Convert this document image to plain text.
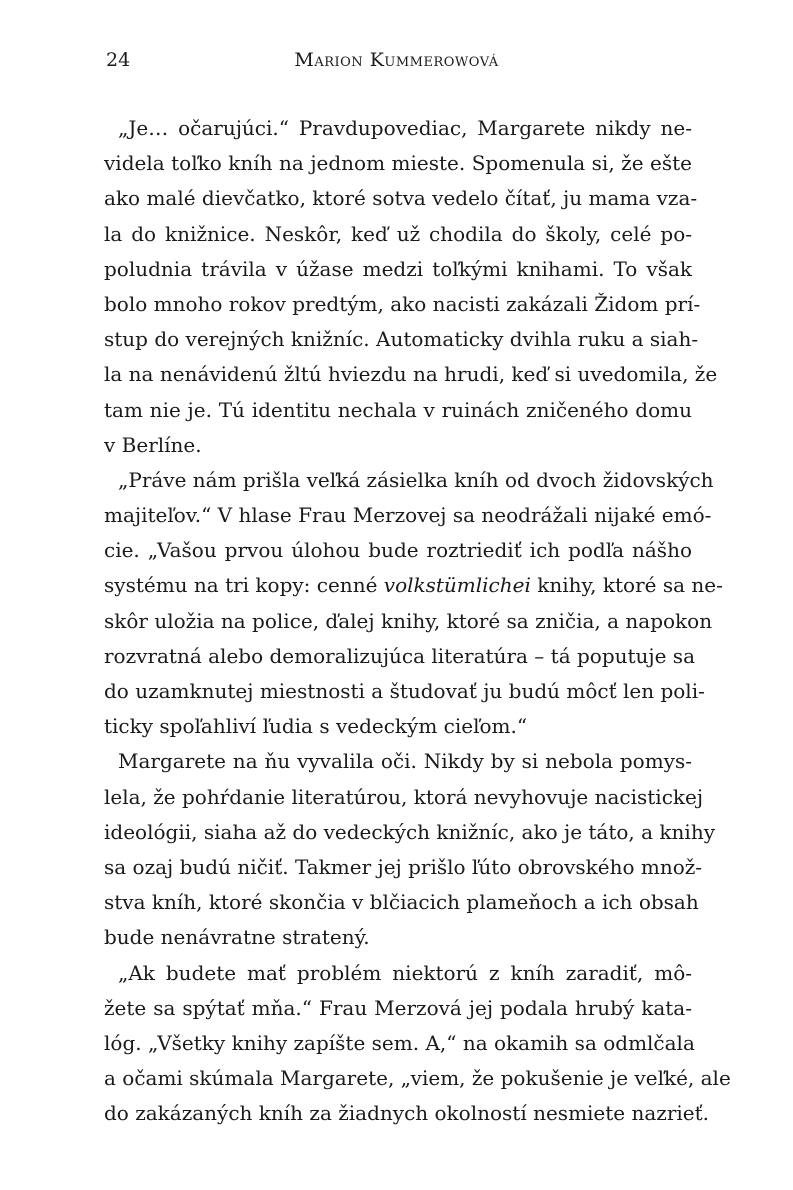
24	Marion Kummerowová
„Je… očarujúci.“ Pravdupovediac, Margarete nikdy ne-
videla toľko kníh na jednom mieste. Spomenula si, že ešte
ako malé dievčatko, ktoré sotva vedelo čítať, ju mama vza-
la do knižnice. Neskôr, keď už chodila do školy, celé po-
poludnia trávila v úžase medzi toľkými knihami. To však
bolo mnoho rokov predtým, ako nacisti zakázali Židom prí-
stup do verejných knižníc. Automaticky dvihla ruku a siah-
la na nenávidenú žltú hviezdu na hrudi, keď si uvedomila, že
tam nie je. Tú identitu nechala v ruinách zničeného domu
v Berlíne.
„Práve nám prišla veľká zásielka kníh od dvoch židovských
majiteľov.“ V hlase Frau Merzovej sa neodrážali nijaké emó-
cie. „Vašou prvou úlohou bude roztriediť ich podľa nášho
systému na tri kopy: cenné volkstümlichei knihy, ktoré sa ne-
skôr uložia na police, ďalej knihy, ktoré sa zničia, a napokon
rozvratná alebo demoralizujúca literatúra – tá poputuje sa
do uzamknutej miestnosti a študovať ju budú môcť len poli-
ticky spoľahliví ľudia s vedeckým cieľom.“
Margarete na ňu vyvalila oči. Nikdy by si nebola pomys-
lela, že pohŕdanie literatúrou, ktorá nevyhovuje nacistickej
ideológii, siaha až do vedeckých knižníc, ako je táto, a knihy
sa ozaj budú ničiť. Takmer jej prišlo ľúto obrovského množ-
stva kníh, ktoré skončia v blčiacich plameňoch a ich obsah
bude nenávratne stratený.
„Ak budete mať problém niektorú z kníh zaradiť, mô-
žete sa spýtať mňa.“ Frau Merzová jej podala hrubý kata-
lóg. „Všetky knihy zapíšte sem. A,“ na okamih sa odmlčala
a očami skúmala Margarete, „viem, že pokušenie je veľké, ale
do zakázaných kníh za žiadnych okolností nesmiete nazrieť.
